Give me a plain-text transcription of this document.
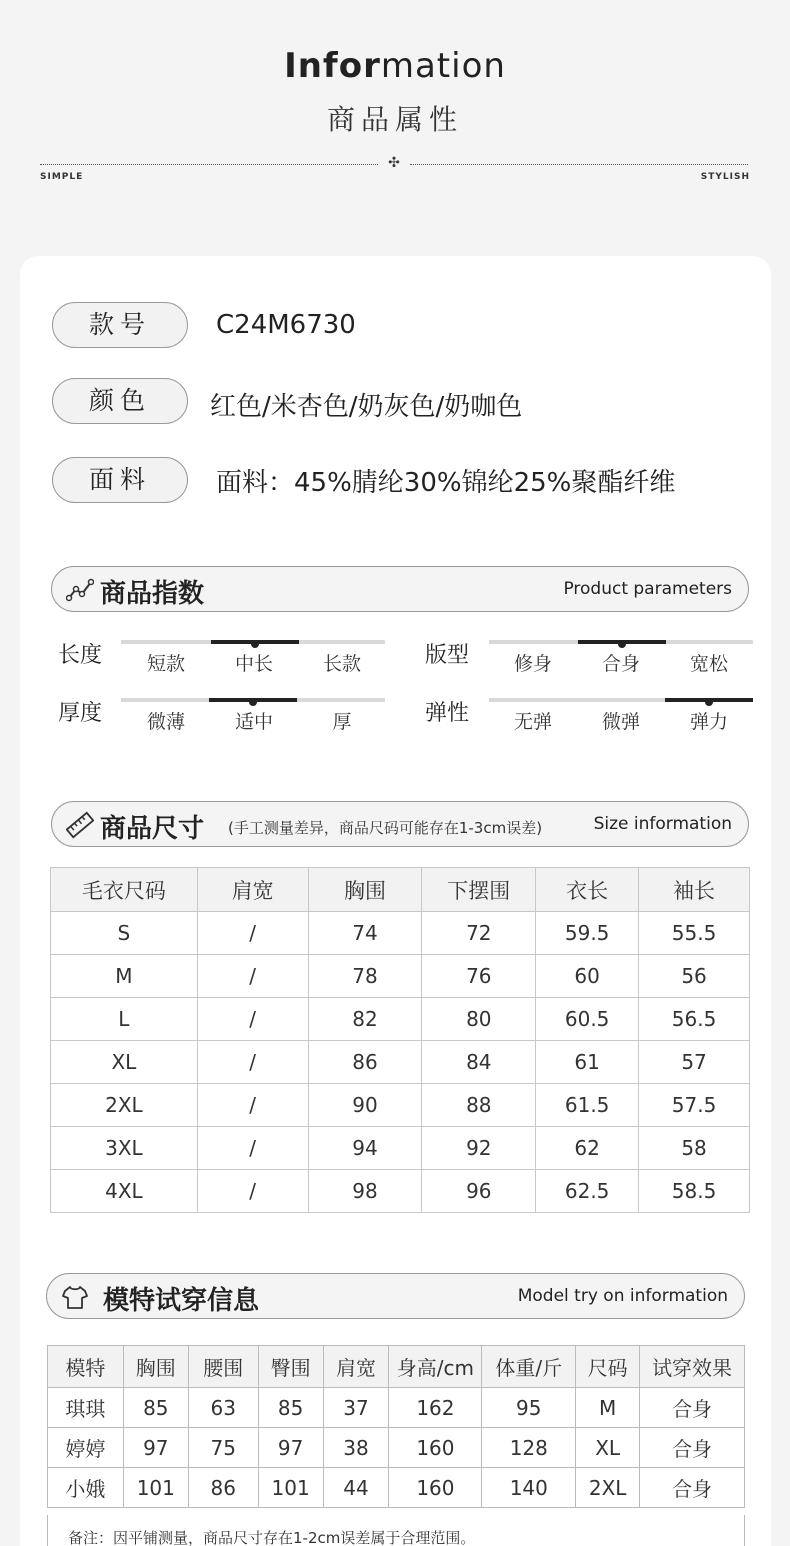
Information
商品属性
✣
SIMPLE	STYLISH
款号	C24M6730
颜色	红色/米杏色/奶灰色/奶咖色
面料	面料：45%腈纶30%锦纶25%聚酯纤维
商品指数	Product parameters
长度	短款	中长	长款	版型	修身	合身	宽松
厚度	微薄	适中	厚	弹性	无弹	微弹	弹力
商品尺寸 (手工测量差异，商品尺码可能存在1-3cm误差)	Size information
毛衣尺码	肩宽	胸围	下摆围	衣长	袖长
S	/	74	72	59.5	55.5
M	/	78	76	60	56
L	/	82	80	60.5	56.5
XL	/	86	84	61	57
2XL	/	90	88	61.5	57.5
3XL	/	94	92	62	58
4XL	/	98	96	62.5	58.5
模特试穿信息	Model try on information
模特	胸围	腰围	臀围	肩宽	身高/cm	体重/斤	尺码	试穿效果
琪琪	85	63	85	37	162	95	M	合身
婷婷	97	75	97	38	160	128	XL	合身
小娥	101	86	101	44	160	140	2XL	合身
备注：因平铺测量，商品尺寸存在1-2cm误差属于合理范围。
